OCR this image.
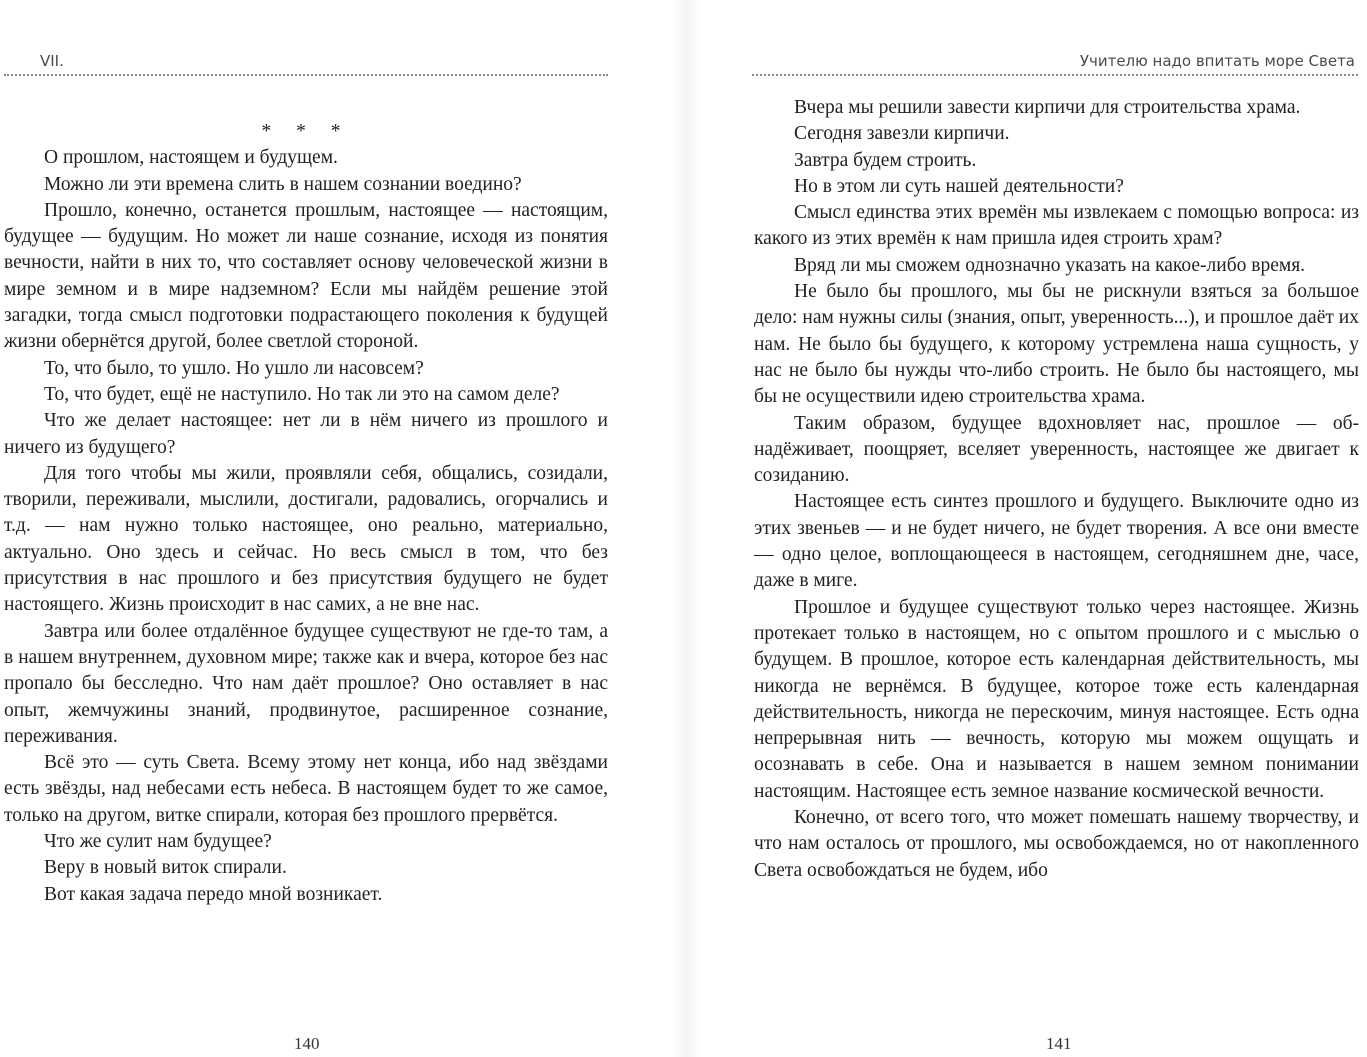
VII.

* * *

О прошлом, настоящем и будущем.

Можно ли эти времена слить в нашем сознании воедино?

Прошло, конечно, останется прошлым, настоящее — настоящим, будущее — будущим. Но может ли наше сознание, исходя из понятия вечности, найти в них то, что составляет основу человеческой жизни в мире земном и в мире надземном? Если мы найдём решение этой загадки, тогда смысл подготовки подрастающего поколения к будущей жизни обернётся другой, более светлой стороной.

То, что было, то ушло. Но ушло ли насовсем?

То, что будет, ещё не наступило. Но так ли это на самом деле?

Что же делает настоящее: нет ли в нём ничего из прошлого и ничего из будущего?

Для того чтобы мы жили, проявляли себя, общались, созидали, творили, переживали, мыслили, достигали, радовались, огорчались и т.д. — нам нужно только настоящее, оно реально, материально, актуально. Оно здесь и сейчас. Но весь смысл в том, что без присутствия в нас прошлого и без присутствия будущего не будет настоящего. Жизнь происходит в нас самих, а не вне нас.

Завтра или более отдалённое будущее существуют не где-то там, а в нашем внутреннем, духовном мире; также как и вчера, которое без нас пропало бы бесследно. Что нам даёт прошлое? Оно оставляет в нас опыт, жемчужины знаний, продвинутое, расширенное сознание, переживания.

Всё это — суть Света. Всему этому нет конца, ибо над звёздами есть звёзды, над небесами есть небеса. В настоящем будет то же самое, только на другом, витке спирали, которая без прошлого прервётся.

Что же сулит нам будущее?

Веру в новый виток спирали.

Вот какая задача передо мной возникает.

140
Учителю надо впитать море Света

Вчера мы решили завести кирпичи для строительства храма.

Сегодня завезли кирпичи.

Завтра будем строить.

Но в этом ли суть нашей деятельности?

Смысл единства этих времён мы извлекаем с помощью вопроса: из какого из этих времён к нам пришла идея строить храм?

Вряд ли мы сможем однозначно указать на какое-либо время.

Не было бы прошлого, мы бы не рискнули взяться за большое дело: нам нужны силы (знания, опыт, уверенность...), и прошлое даёт их нам. Не было бы будущего, к которому устремлена наша сущность, у нас не было бы нужды что-либо строить. Не было бы настоящего, мы бы не осуществили идею строительства храма.

Таким образом, будущее вдохновляет нас, прошлое — обнадёживает, поощряет, вселяет уверенность, настоящее же двигает к созиданию.

Настоящее есть синтез прошлого и будущего. Выключите одно из этих звеньев — и не будет ничего, не будет творения. А все они вместе — одно целое, воплощающееся в настоящем, сегодняшнем дне, часе, даже в миге.

Прошлое и будущее существуют только через настоящее. Жизнь протекает только в настоящем, но с опытом прошлого и с мыслью о будущем. В прошлое, которое есть календарная действительность, мы никогда не вернёмся. В будущее, которое тоже есть календарная действительность, никогда не перескочим, минуя настоящее. Есть одна непрерывная нить — вечность, которую мы можем ощущать и осознавать в себе. Она и называется в нашем земном понимании настоящим. Настоящее есть земное название космической вечности.

Конечно, от всего того, что может помешать нашему творчеству, и что нам осталось от прошлого, мы освобождаемся, но от накопленного Света освобождаться не будем, ибо

141
